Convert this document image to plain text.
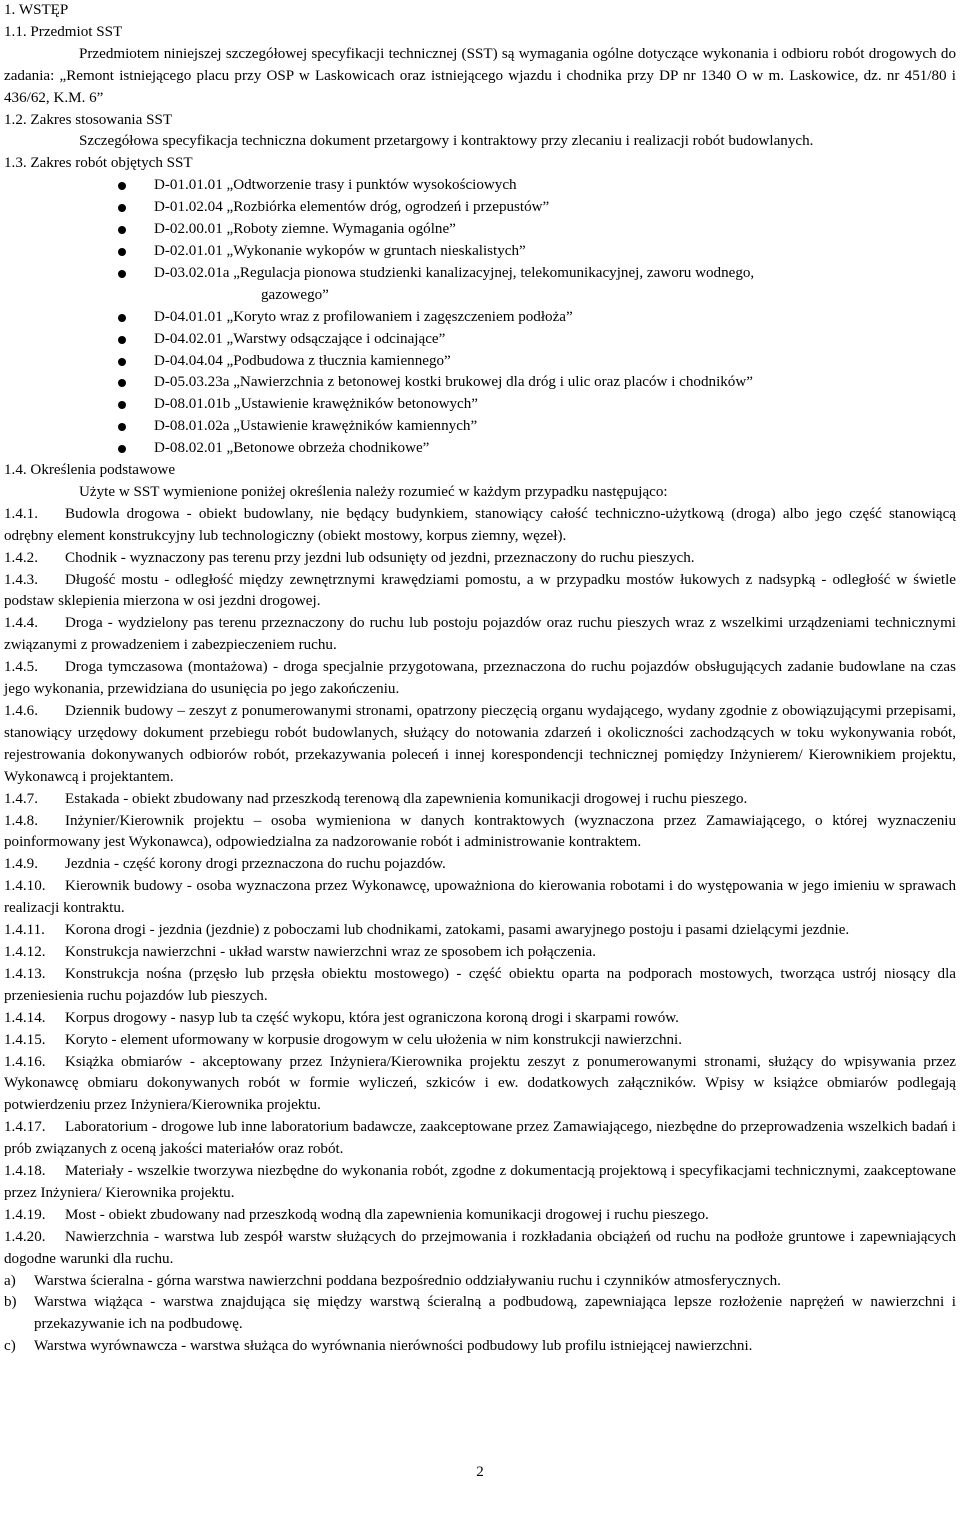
1. WSTĘP

1.1. Przedmiot SST

Przedmiotem niniejszej szczegółowej specyfikacji technicznej (SST) są wymagania ogólne dotyczące wykonania i odbioru robót drogowych do zadania: „Remont istniejącego placu przy OSP w Laskowicach oraz istniejącego wjazdu i chodnika przy DP nr 1340 O w m. Laskowice, dz. nr 451/80 i 436/62, K.M. 6”

1.2. Zakres stosowania SST

Szczegółowa specyfikacja techniczna dokument przetargowy i kontraktowy przy zlecaniu i realizacji robót budowlanych.

1.3. Zakres robót objętych SST

D-01.01.01 „Odtworzenie trasy i punktów wysokościowych
D-01.02.04 „Rozbiórka elementów dróg, ogrodzeń i przepustów”
D-02.00.01 „Roboty ziemne. Wymagania ogólne”
D-02.01.01 „Wykonanie wykopów w gruntach nieskalistych”
D-03.02.01a „Regulacja pionowa studzienki kanalizacyjnej, telekomunikacyjnej, zaworu wodnego,
gazowego”
D-04.01.01 „Koryto wraz z profilowaniem i zagęszczeniem podłoża”
D-04.02.01 „Warstwy odsączające i odcinające”
D-04.04.04 „Podbudowa z tłucznia kamiennego”
D-05.03.23a „Nawierzchnia z betonowej kostki brukowej dla dróg i ulic oraz placów i chodników”
D-08.01.01b „Ustawienie krawężników betonowych”
D-08.01.02a „Ustawienie krawężników kamiennych”
D-08.02.01 „Betonowe obrzeża chodnikowe”

1.4. Określenia podstawowe

Użyte w SST wymienione poniżej określenia należy rozumieć w każdym przypadku następująco:

1.4.1. Budowla drogowa - obiekt budowlany, nie będący budynkiem, stanowiący całość techniczno-użytkową (droga) albo jego część stanowiącą odrębny element konstrukcyjny lub technologiczny (obiekt mostowy, korpus ziemny, węzeł).

1.4.2. Chodnik - wyznaczony pas terenu przy jezdni lub odsunięty od jezdni, przeznaczony do ruchu pieszych.

1.4.3. Długość mostu - odległość między zewnętrznymi krawędziami pomostu, a w przypadku mostów łukowych z nadsypką - odległość w świetle podstaw sklepienia mierzona w osi jezdni drogowej.

1.4.4. Droga - wydzielony pas terenu przeznaczony do ruchu lub postoju pojazdów oraz ruchu pieszych wraz z wszelkimi urządzeniami technicznymi związanymi z prowadzeniem i zabezpieczeniem ruchu.

1.4.5. Droga tymczasowa (montażowa) - droga specjalnie przygotowana, przeznaczona do ruchu pojazdów obsługujących zadanie budowlane na czas jego wykonania, przewidziana do usunięcia po jego zakończeniu.

1.4.6. Dziennik budowy – zeszyt z ponumerowanymi stronami, opatrzony pieczęcią organu wydającego, wydany zgodnie z obowiązującymi przepisami, stanowiący urzędowy dokument przebiegu robót budowlanych, służący do notowania zdarzeń i okoliczności zachodzących w toku wykonywania robót, rejestrowania dokonywanych odbiorów robót, przekazywania poleceń i innej korespondencji technicznej pomiędzy Inżynierem/ Kierownikiem projektu, Wykonawcą i projektantem.

1.4.7. Estakada - obiekt zbudowany nad przeszkodą terenową dla zapewnienia komunikacji drogowej i ruchu pieszego.

1.4.8. Inżynier/Kierownik projektu – osoba wymieniona w danych kontraktowych (wyznaczona przez Zamawiającego, o której wyznaczeniu poinformowany jest Wykonawca), odpowiedzialna za nadzorowanie robót i administrowanie kontraktem.

1.4.9. Jezdnia - część korony drogi przeznaczona do ruchu pojazdów.

1.4.10. Kierownik budowy - osoba wyznaczona przez Wykonawcę, upoważniona do kierowania robotami i do występowania w jego imieniu w sprawach realizacji kontraktu.

1.4.11. Korona drogi - jezdnia (jezdnie) z poboczami lub chodnikami, zatokami, pasami awaryjnego postoju i pasami dzielącymi jezdnie.

1.4.12. Konstrukcja nawierzchni - układ warstw nawierzchni wraz ze sposobem ich połączenia.

1.4.13. Konstrukcja nośna (przęsło lub przęsła obiektu mostowego) - część obiektu oparta na podporach mostowych, tworząca ustrój niosący dla przeniesienia ruchu pojazdów lub pieszych.

1.4.14. Korpus drogowy - nasyp lub ta część wykopu, która jest ograniczona koroną drogi i skarpami rowów.

1.4.15. Koryto - element uformowany w korpusie drogowym w celu ułożenia w nim konstrukcji nawierzchni.

1.4.16. Książka obmiarów - akceptowany przez Inżyniera/Kierownika projektu zeszyt z ponumerowanymi stronami, służący do wpisywania przez Wykonawcę obmiaru dokonywanych robót w formie wyliczeń, szkiców i ew. dodatkowych załączników. Wpisy w książce obmiarów podlegają potwierdzeniu przez Inżyniera/Kierownika projektu.

1.4.17. Laboratorium - drogowe lub inne laboratorium badawcze, zaakceptowane przez Zamawiającego, niezbędne do przeprowadzenia wszelkich badań i prób związanych z oceną jakości materiałów oraz robót.

1.4.18. Materiały - wszelkie tworzywa niezbędne do wykonania robót, zgodne z dokumentacją projektową i specyfikacjami technicznymi, zaakceptowane przez Inżyniera/ Kierownika projektu.

1.4.19. Most - obiekt zbudowany nad przeszkodą wodną dla zapewnienia komunikacji drogowej i ruchu pieszego.

1.4.20. Nawierzchnia - warstwa lub zespół warstw służących do przejmowania i rozkładania obciążeń od ruchu na podłoże gruntowe i zapewniających dogodne warunki dla ruchu.

a) Warstwa ścieralna - górna warstwa nawierzchni poddana bezpośrednio oddziaływaniu ruchu i czynników atmosferycznych.

b) Warstwa wiążąca - warstwa znajdująca się między warstwą ścieralną a podbudową, zapewniająca lepsze rozłożenie naprężeń w nawierzchni i przekazywanie ich na podbudowę.

c) Warstwa wyrównawcza - warstwa służąca do wyrównania nierówności podbudowy lub profilu istniejącej nawierzchni.

2
